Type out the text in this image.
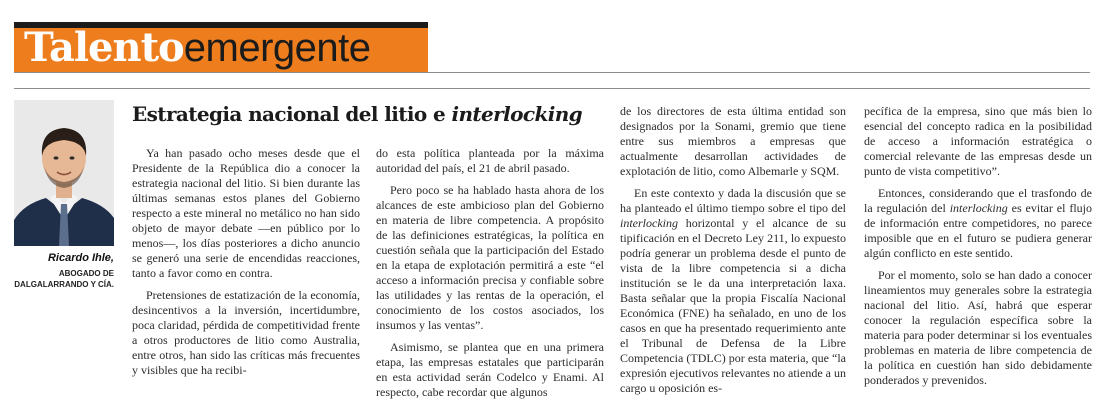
Talentoemergente
Ricardo Ihle,
ABOGADO DE
DALGALARRANDO Y CÍA.
Estrategia nacional del litio e interlocking

Ya han pasado ocho meses desde que el Presidente de la República dio a conocer la estrategia nacional del litio. Si bien durante las últimas semanas estos planes del Gobierno respecto a este mineral no metálico no han sido objeto de mayor debate —en público por lo menos—, los días posteriores a dicho anuncio se generó una serie de encendidas reacciones, tanto a favor como en contra.

Pretensiones de estatización de la economía, desincentivos a la inversión, incertidumbre, poca claridad, pérdida de competitividad frente a otros productores de litio como Australia, entre otros, han sido las críticas más frecuentes y visibles que ha recibi-

do esta política planteada por la máxima autoridad del país, el 21 de abril pasado.

Pero poco se ha hablado hasta ahora de los alcances de este ambicioso plan del Gobierno en materia de libre competencia. A propósito de las definiciones estratégicas, la política en cuestión señala que la participación del Estado en la etapa de explotación permitirá a este “el acceso a información precisa y confiable sobre las utilidades y las rentas de la operación, el conocimiento de los costos asociados, los insumos y las ventas”.

Asimismo, se plantea que en una primera etapa, las empresas estatales que participarán en esta actividad serán Codelco y Enami. Al respecto, cabe recordar que algunos

de los directores de esta última entidad son designados por la Sonami, gremio que tiene entre sus miembros a empresas que actualmente desarrollan actividades de explotación de litio, como Albemarle y SQM.

En este contexto y dada la discusión que se ha planteado el último tiempo sobre el tipo del interlocking horizontal y el alcance de su tipificación en el Decreto Ley 211, lo expuesto podría generar un problema desde el punto de vista de la libre competencia si a dicha institución se le da una interpretación laxa. Basta señalar que la propia Fiscalía Nacional Económica (FNE) ha señalado, en uno de los casos en que ha presentado requerimiento ante el Tribunal de Defensa de la Libre Competencia (TDLC) por esta materia, que “la expresión ejecutivos relevantes no atiende a un cargo u oposición es-

pecífica de la empresa, sino que más bien lo esencial del concepto radica en la posibilidad de acceso a información estratégica o comercial relevante de las empresas desde un punto de vista competitivo”.

Entonces, considerando que el trasfondo de la regulación del interlocking es evitar el flujo de información entre competidores, no parece imposible que en el futuro se pudiera generar algún conflicto en este sentido.

Por el momento, solo se han dado a conocer lineamientos muy generales sobre la estrategia nacional del litio. Así, habrá que esperar conocer la regulación específica sobre la materia para poder determinar si los eventuales problemas en materia de libre competencia de la política en cuestión han sido debidamente ponderados y prevenidos.
